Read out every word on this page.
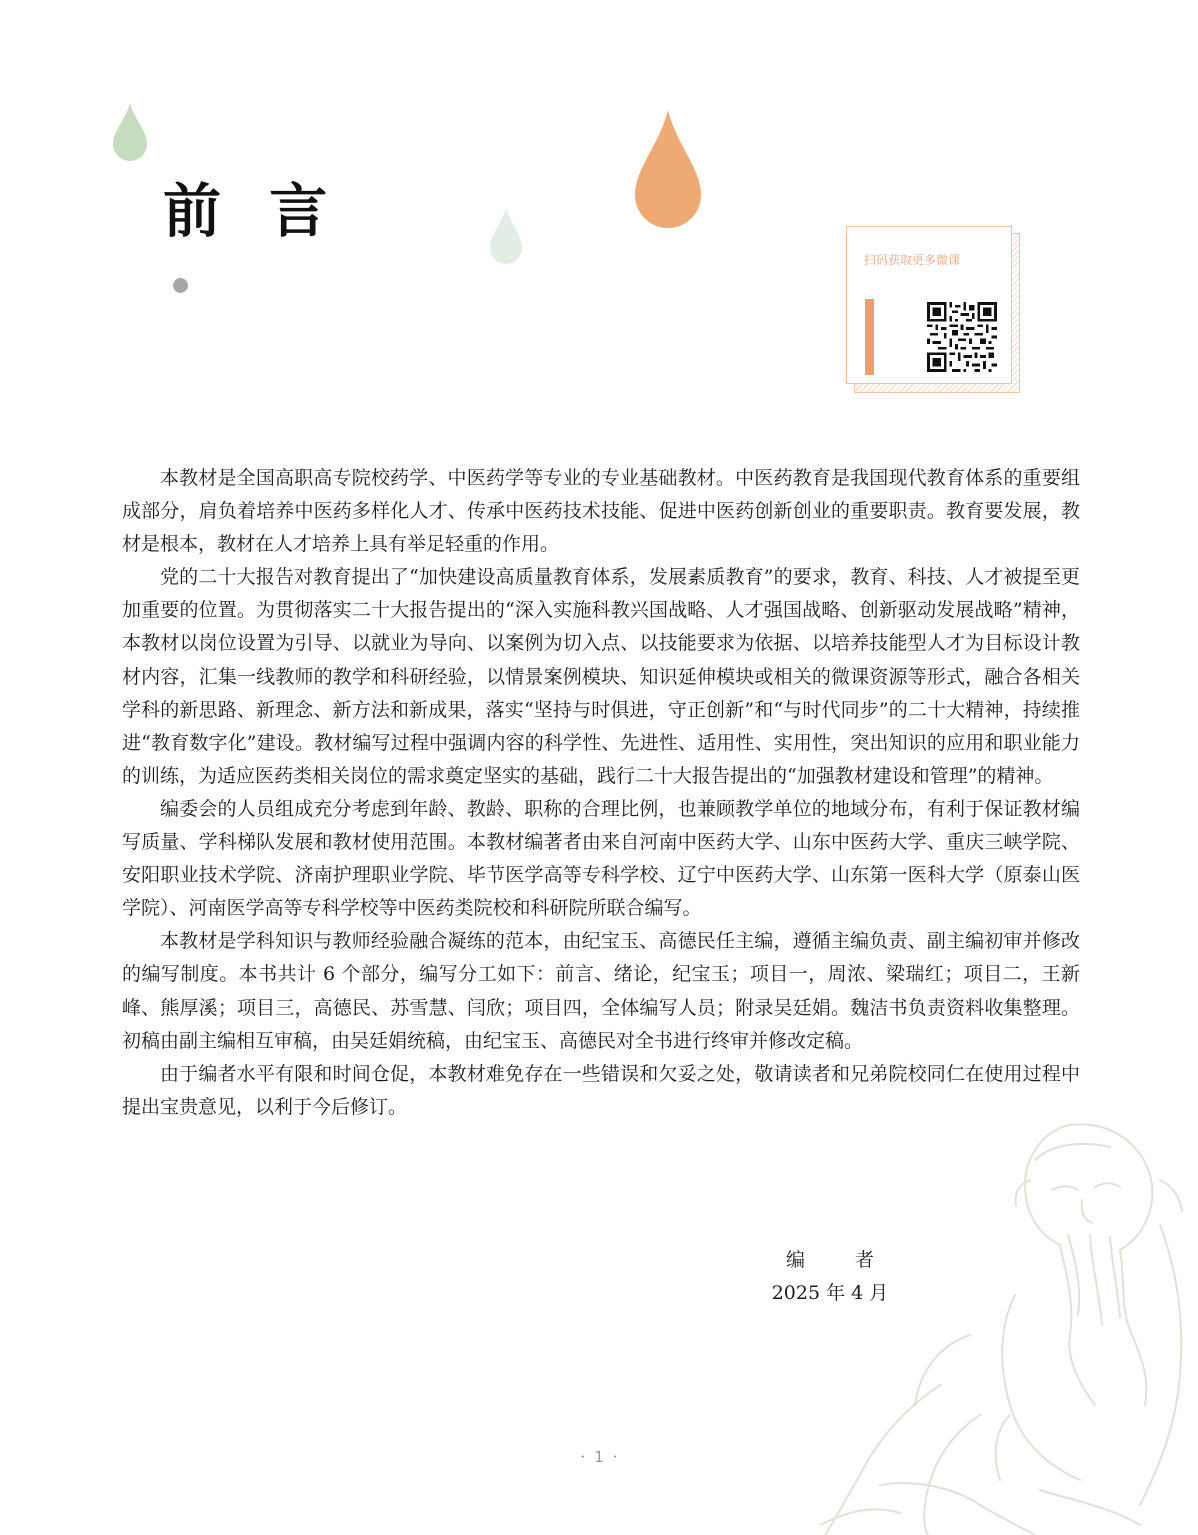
前 言
扫码获取更多微课

本教材是全国高职高专院校药学、中医药学等专业的专业基础教材。中医药教育是我国现代教育体系的重要组成部分，肩负着培养中医药多样化人才、传承中医药技术技能、促进中医药创新创业的重要职责。教育要发展，教材是根本，教材在人才培养上具有举足轻重的作用。

党的二十大报告对教育提出了“加快建设高质量教育体系，发展素质教育”的要求，教育、科技、人才被提至更加重要的位置。为贯彻落实二十大报告提出的“深入实施科教兴国战略、人才强国战略、创新驱动发展战略”精神，本教材以岗位设置为引导、以就业为导向、以案例为切入点、以技能要求为依据、以培养技能型人才为目标设计教材内容，汇集一线教师的教学和科研经验，以情景案例模块、知识延伸模块或相关的微课资源等形式，融合各相关学科的新思路、新理念、新方法和新成果，落实“坚持与时俱进，守正创新”和“与时代同步”的二十大精神，持续推进“教育数字化”建设。教材编写过程中强调内容的科学性、先进性、适用性、实用性，突出知识的应用和职业能力的训练，为适应医药类相关岗位的需求奠定坚实的基础，践行二十大报告提出的“加强教材建设和管理”的精神。

编委会的人员组成充分考虑到年龄、教龄、职称的合理比例，也兼顾教学单位的地域分布，有利于保证教材编写质量、学科梯队发展和教材使用范围。本教材编著者由来自河南中医药大学、山东中医药大学、重庆三峡学院、安阳职业技术学院、济南护理职业学院、毕节医学高等专科学校、辽宁中医药大学、山东第一医科大学（原泰山医学院）、河南医学高等专科学校等中医药类院校和科研院所联合编写。

本教材是学科知识与教师经验融合凝练的范本，由纪宝玉、高德民任主编，遵循主编负责、副主编初审并修改的编写制度。本书共计 6 个部分，编写分工如下：前言、绪论，纪宝玉；项目一，周浓、梁瑞红；项目二，王新峰、熊厚溪；项目三，高德民、苏雪慧、闫欣；项目四，全体编写人员；附录吴廷娟。魏洁书负责资料收集整理。初稿由副主编相互审稿，由吴廷娟统稿，由纪宝玉、高德民对全书进行终审并修改定稿。

由于编者水平有限和时间仓促，本教材难免存在一些错误和欠妥之处，敬请读者和兄弟院校同仁在使用过程中提出宝贵意见，以利于今后修订。

编 者
2025 年 4 月
· 1 ·
